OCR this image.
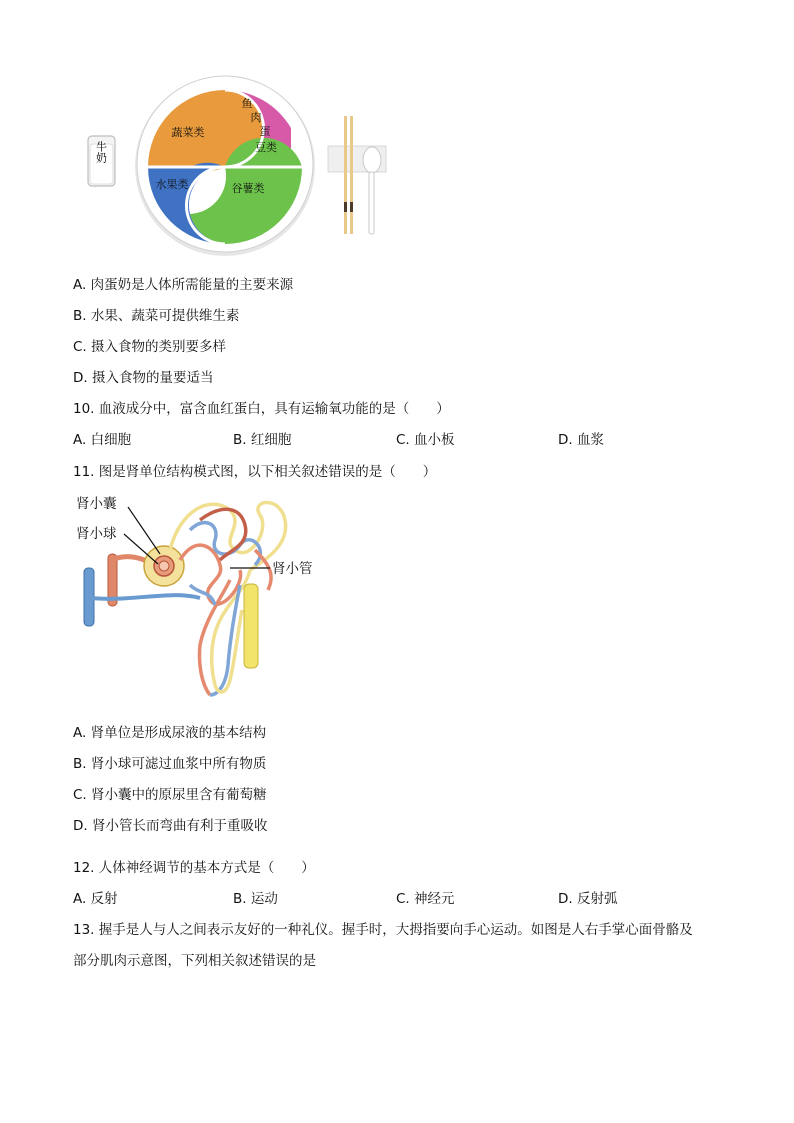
牛奶
蔬菜类
鱼
肉
蛋
豆类
水果类	谷薯类
A. 肉蛋奶是人体所需能量的主要来源
B. 水果、蔬菜可提供维生素
C. 摄入食物的类别要多样
D. 摄入食物的量要适当
10. 血液成分中，富含血红蛋白，具有运输氧功能的是（　　）
A. 白细胞	B. 红细胞	C. 血小板	D. 血浆
11. 图是肾单位结构模式图，以下相关叙述错误的是（　　）
肾小囊
肾小球
肾小管
A. 肾单位是形成尿液的基本结构
B. 肾小球可滤过血浆中所有物质
C. 肾小囊中的原尿里含有葡萄糖
D. 肾小管长而弯曲有利于重吸收
12. 人体神经调节的基本方式是（　　）
A. 反射	B. 运动	C. 神经元	D. 反射弧
13. 握手是人与人之间表示友好的一种礼仪。握手时，大拇指要向手心运动。如图是人右手掌心面骨骼及
部分肌肉示意图，下列相关叙述错误的是
